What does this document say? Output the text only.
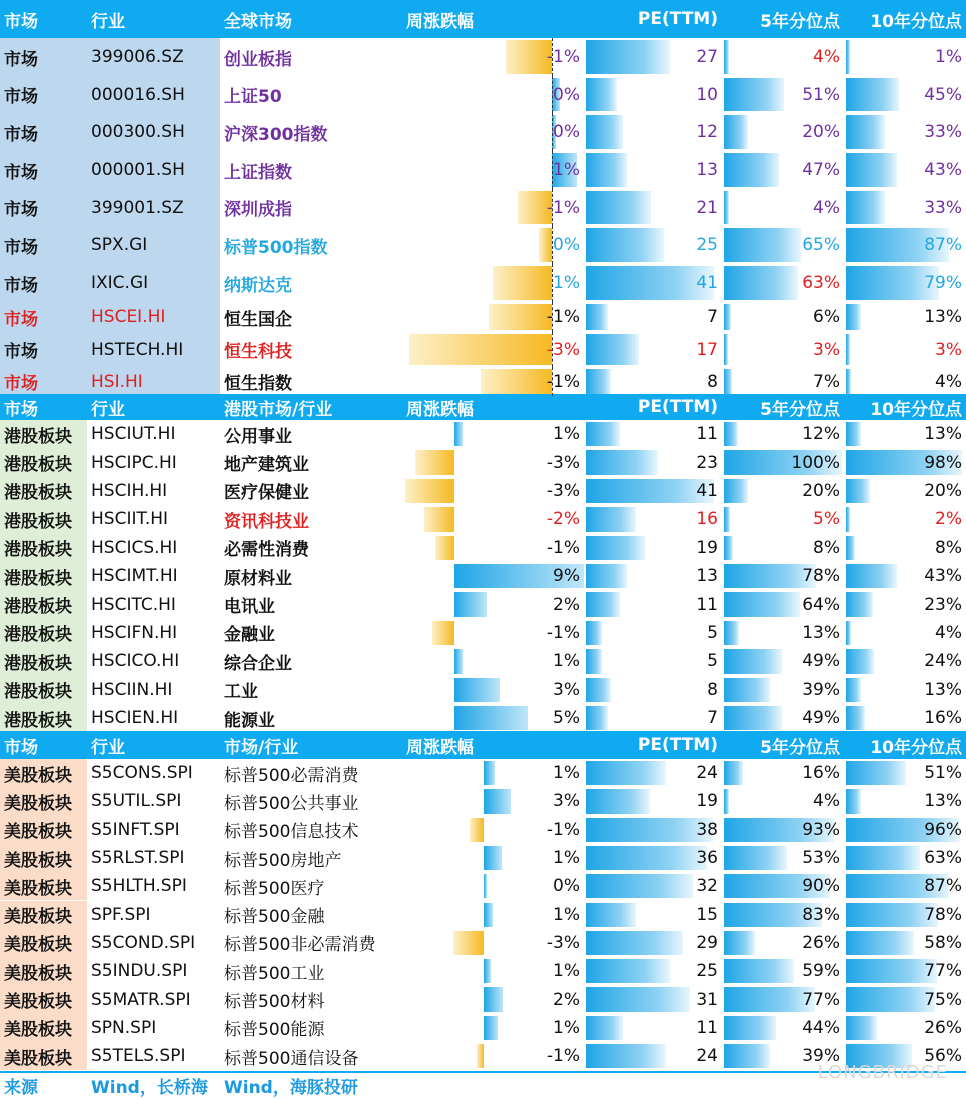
市场	行业	全球市场	周涨跌幅	PE(TTM) 5年分位点 10年分位点
市场	399006.SZ 创业板指	-1%	27	4%	1%
市场	000016.SH 上证50	0%	10	51%	45%
市场	000300.SH 沪深300指数	0%	12	20%	33%
市场	000001.SH 上证指数	1%	13	47%	43%
市场	399001.SZ 深圳成指	-1%	21	4%	33%
市场	SPX.GI	标普500指数	0%	25	65%	87%
市场	IXIC.GI	纳斯达克	1%	41	63%	79%
市场	HSCEI.HI	恒生国企	-1%	7	6%	13%
市场	HSTECH.HI 恒生科技	-3%	17	3%	3%
市场	HSI.HI	恒生指数	-1%	8	7%	4%
市场	行业	港股市场/行业	周涨跌幅	PE(TTM) 5年分位点 10年分位点
港股板块 HSCIUT.HI	公用事业	1%	11	12%	13%
港股板块 HSCIPC.HI	地产建筑业	-3%	23	100%	98%
港股板块 HSCIH.HI	医疗保健业	-3%	41	20%	20%
港股板块 HSCIIT.HI	资讯科技业	-2%	16	5%	2%
港股板块 HSCICS.HI	必需性消费	-1%	19	8%	8%
港股板块 HSCIMT.HI	原材料业	9%	13	78%	43%
港股板块 HSCITC.HI	电讯业	2%	11	64%	23%
港股板块 HSCIFN.HI	金融业	-1%	5	13%	4%
港股板块 HSCICO.HI	综合企业	1%	5	49%	24%
港股板块 HSCIIN.HI	工业	3%	8	39%	13%
港股板块 HSCIEN.HI	能源业	5%	7	49%	16%
市场	行业	市场/行业	周涨跌幅	PE(TTM) 5年分位点 10年分位点
美股板块 S5CONS.SPI 标普500必需消费	1%	24	16%	51%
美股板块 S5UTIL.SPI	标普500公共事业	3%	19	4%	13%
美股板块 S5INFT.SPI	标普500信息技术	-1%	38	93%	96%
美股板块 S5RLST.SPI 标普500房地产	1%	36	53%	63%
美股板块 S5HLTH.SPI 标普500医疗	0%	32	90%	87%
美股板块 SPF.SPI	标普500金融	1%	15	83%	78%
美股板块 S5COND.SPI 标普500非必需消费	-3%	29	26%	58%
美股板块 S5INDU.SPI 标普500工业	1%	25	59%	77%
美股板块 S5MATR.SPI 标普500材料	2%	31	77%	75%
美股板块 SPN.SPI	标普500能源	1%	11	44%	26%
美股板块 S5TELS.SPI 标普500通信设备	-1%	24	39%	56%
来源	Wind，长桥海 Wind，海豚投研
LONGBRIDGE
